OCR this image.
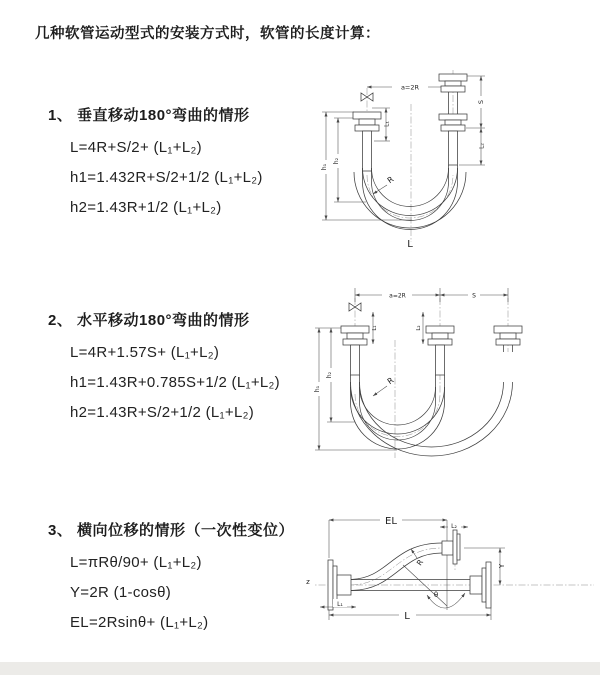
几种软管运动型式的安装方式时，软管的长度计算：
1、 垂直移动180°弯曲的情形
L=4R+S/2+ (L₁+L₂)
h1=1.432R+S/2+1/2 (L₁+L₂)
h2=1.43R+1/2 (L₁+L₂)
2、 水平移动180°弯曲的情形
L=4R+1.57S+ (L₁+L₂)
h1=1.43R+0.785S+1/2 (L₁+L₂)
h2=1.43R+S/2+1/2 (L₁+L₂)
3、 横向位移的情形（一次性变位）
L=πRθ/90+ (L₁+L₂)
Y=2R (1-cosθ)
EL=2Rsinθ+ (L₁+L₂)
a=2R
S
L₂
L₁
h₁
h₂
R
L
a=2R	S
h₁
h₂
L₁	L₂
R
EL	L₂
θ
Y
R
z
L₁
L
